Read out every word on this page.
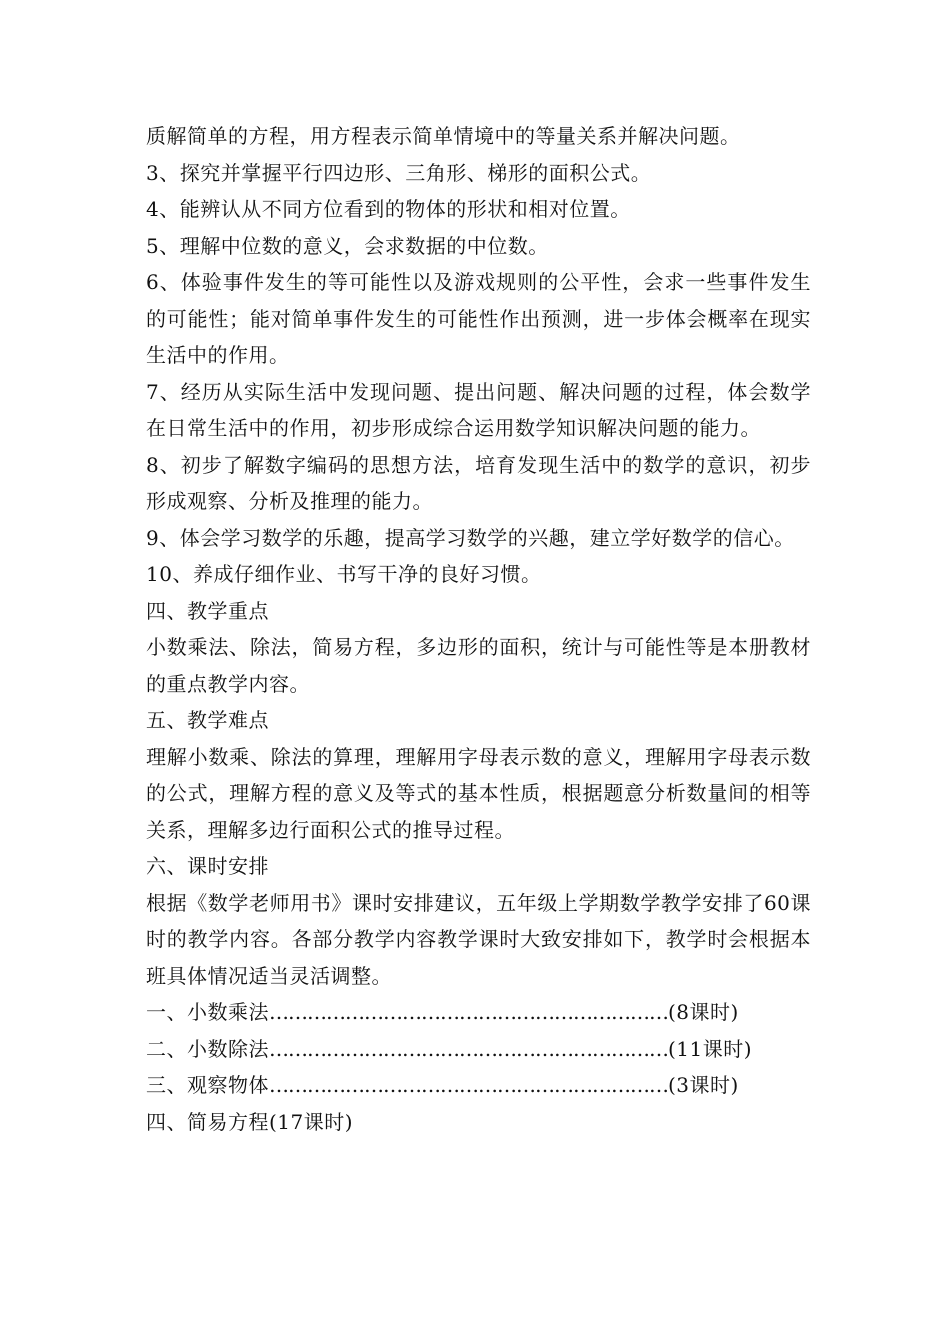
质解简单的方程，用方程表示简单情境中的等量关系并解决问题。

3、探究并掌握平行四边形、三角形、梯形的面积公式。

4、能辨认从不同方位看到的物体的形状和相对位置。

5、理解中位数的意义，会求数据的中位数。

6、体验事件发生的等可能性以及游戏规则的公平性，会求一些事件发生的可能性；能对简单事件发生的可能性作出预测，进一步体会概率在现实生活中的作用。

7、经历从实际生活中发现问题、提出问题、解决问题的过程，体会数学在日常生活中的作用，初步形成综合运用数学知识解决问题的能力。

8、初步了解数字编码的思想方法，培育发现生活中的数学的意识，初步形成观察、分析及推理的能力。

9、体会学习数学的乐趣，提高学习数学的兴趣，建立学好数学的信心。

10、养成仔细作业、书写干净的良好习惯。

四、教学重点

小数乘法、除法，简易方程，多边形的面积，统计与可能性等是本册教材的重点教学内容。

五、教学难点

理解小数乘、除法的算理，理解用字母表示数的意义，理解用字母表示数的公式，理解方程的意义及等式的基本性质，根据题意分析数量间的相等关系，理解多边行面积公式的推导过程。

六、课时安排

根据《数学老师用书》课时安排建议，五年级上学期数学教学安排了60课时的教学内容。各部分教学内容教学课时大致安排如下，教学时会根据本班具体情况适当灵活调整。

一、小数乘法 ……………………………………………………… (8课时)
二、小数除法 ……………………………………………………… (11课时)
三、观察物体 ……………………………………………………… (3课时)
四、简易方程(17课时)
